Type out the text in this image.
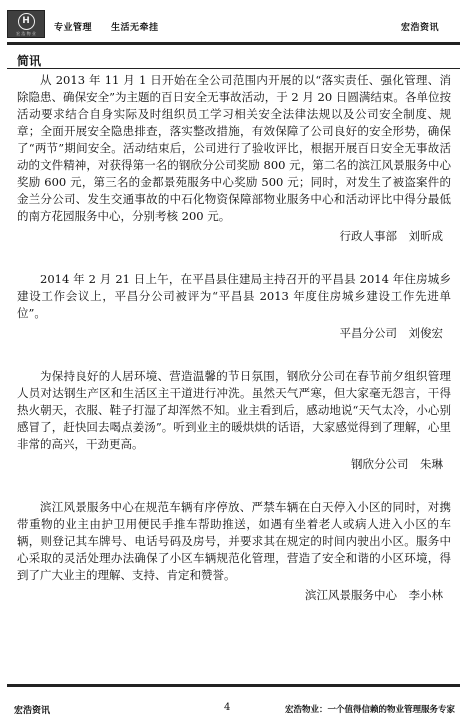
H
宏 浩 物 业 专业管理　　生活无牵挂	宏浩资讯
简讯

从 2013 年 11 月 1 日开始在全公司范围内开展的以“落实责任、强化管理、消除隐患、确保安全”为主题的百日安全无事故活动，于 2 月 20 日圆满结束。各单位按活动要求结合自身实际及时组织员工学习相关安全法律法规以及公司安全制度、规章；全面开展安全隐患排查，落实整改措施，有效保障了公司良好的安全形势，确保了“两节”期间安全。活动结束后，公司进行了验收评比，根据开展百日安全无事故活动的文件精神，对获得第一名的钢欣分公司奖励 800 元，第二名的滨江风景服务中心奖励 600 元，第三名的金都景苑服务中心奖励 500 元；同时，对发生了被盗案件的金兰分公司、发生交通事故的中石化物资保障部物业服务中心和活动评比中得分最低的南方花园服务中心，分别考核 200 元。

行政人事部　刘昕成

2014 年 2 月 21 日上午，在平昌县住建局主持召开的平昌县 2014 年住房城乡建设工作会议上，平昌分公司被评为“平昌县 2013 年度住房城乡建设工作先进单位”。

平昌分公司　刘俊宏

为保持良好的人居环境、营造温馨的节日氛围，钢欣分公司在春节前夕组织管理人员对达钢生产区和生活区主干道进行冲洗。虽然天气严寒，但大家毫无怨言，干得热火朝天，衣服、鞋子打湿了却浑然不知。业主看到后，感动地说“天气太冷，小心别感冒了，赶快回去喝点姜汤”。听到业主的暖烘烘的话语，大家感觉得到了理解，心里非常的高兴，干劲更高。

钢欣分公司　朱琳

滨江风景服务中心在规范车辆有序停放、严禁车辆在白天停入小区的同时，对携带重物的业主由护卫用便民手推车帮助推送，如遇有坐着老人或病人进入小区的车辆，则登记其车牌号、电话号码及房号，并要求其在规定的时间内驶出小区。服务中心采取的灵活处理办法确保了小区车辆规范化管理，营造了安全和谐的小区环境，得到了广大业主的理解、支持、肯定和赞誉。

滨江风景服务中心　李小林
宏浩资讯	4	宏浩物业：一个值得信赖的物业管理服务专家
